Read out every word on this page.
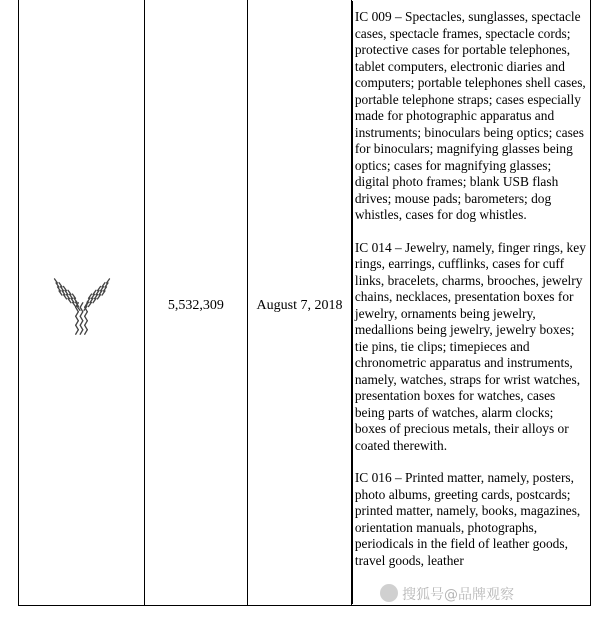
5,532,309	August 7, 2018

IC 009 – Spectacles, sunglasses, spectacle cases, spectacle frames, spectacle cords; protective cases for portable telephones, tablet computers, electronic diaries and computers; portable telephones shell cases, portable telephone straps; cases especially made for photographic apparatus and instruments; binoculars being optics; cases for binoculars; magnifying glasses being optics; cases for magnifying glasses; digital photo frames; blank USB flash drives; mouse pads; barometers; dog whistles, cases for dog whistles.

IC 014 – Jewelry, namely, finger rings, key rings, earrings, cufflinks, cases for cuff links, bracelets, charms, brooches, jewelry chains, necklaces, presentation boxes for jewelry, ornaments being jewelry, medallions being jewelry, jewelry boxes; tie pins, tie clips; timepieces and chronometric apparatus and instruments, namely, watches, straps for wrist watches, presentation boxes for watches, cases being parts of watches, alarm clocks; boxes of precious metals, their alloys or coated therewith.

IC 016 – Printed matter, namely, posters, photo albums, greeting cards, postcards; printed matter, namely, books, magazines, orientation manuals, photographs, periodicals in the field of leather goods, travel goods, leather

搜狐号@品牌观察
